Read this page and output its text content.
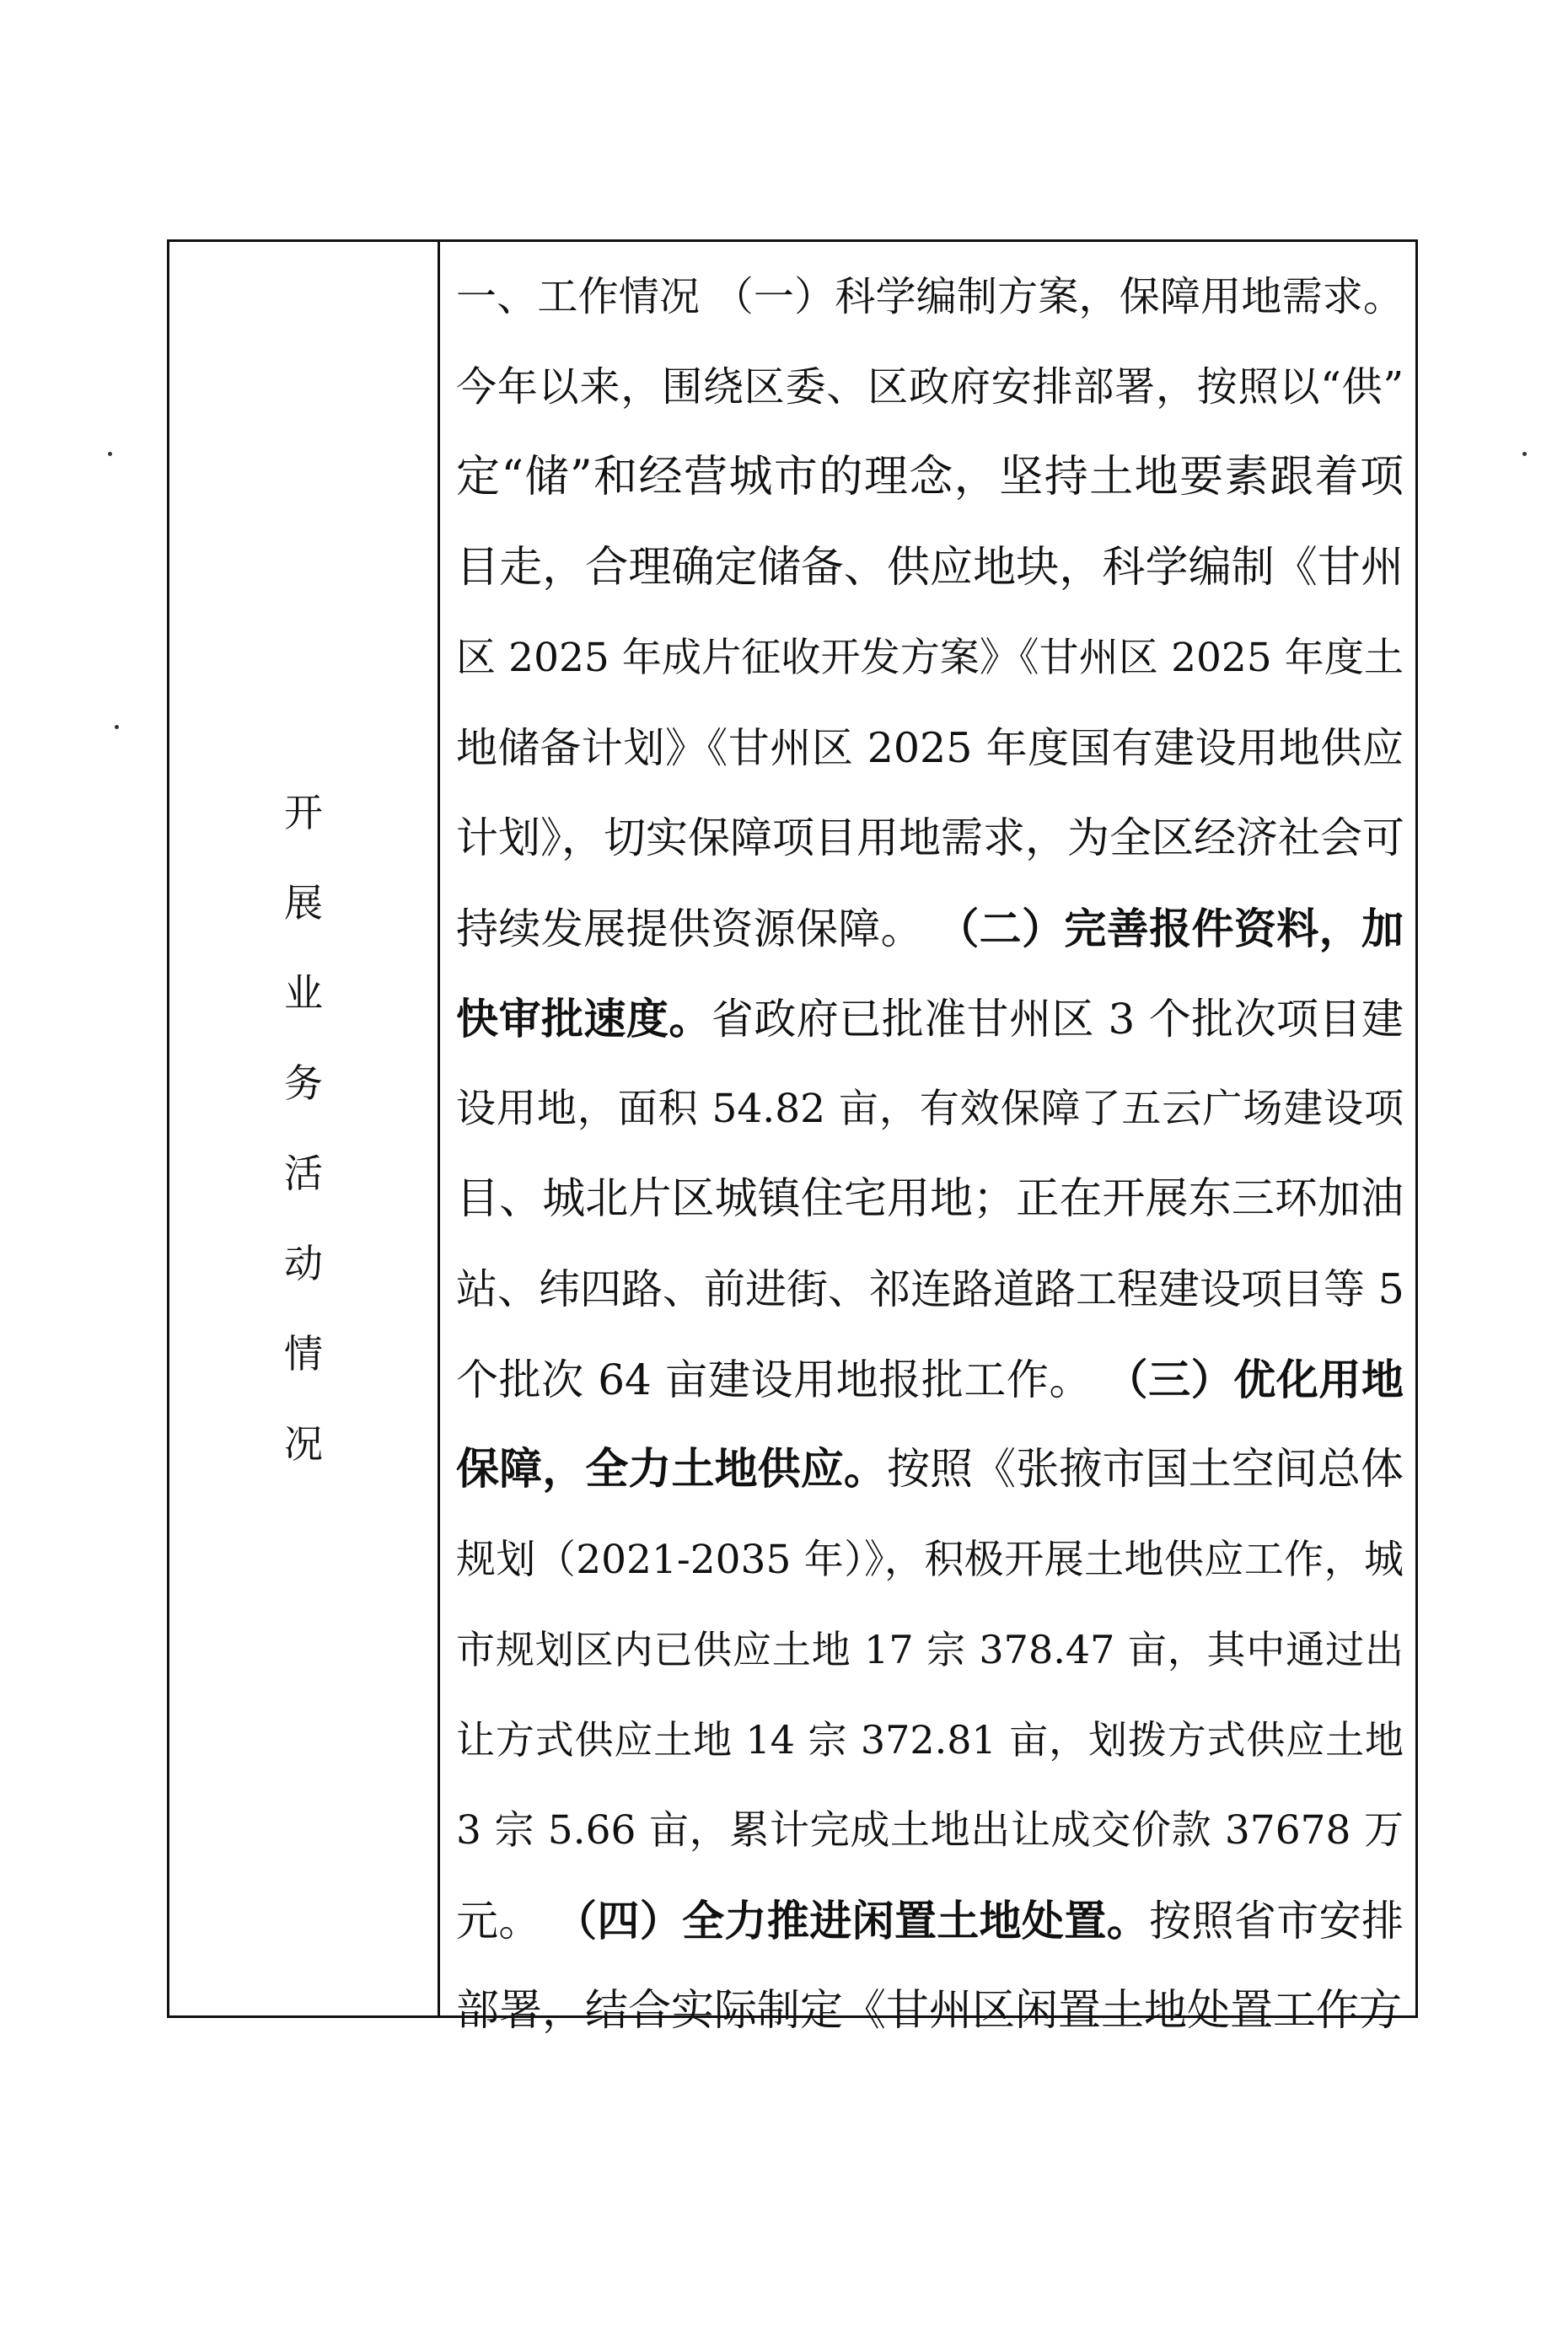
开
展
业
务
活
动
情
况
一、工作情况 （一）科学编制方案，保障用地需求。
今年以来，围绕区委、区政府安排部署，按照以“供”
定“储”和经营城市的理念，坚持土地要素跟着项
目走，合理确定储备、供应地块，科学编制《甘州
区 2025 年成片征收开发方案》《甘州区 2025 年度土
地储备计划》《甘州区 2025 年度国有建设用地供应
计划》，切实保障项目用地需求，为全区经济社会可
持续发展提供资源保障。 （二）完善报件资料，加
快审批速度。省政府已批准甘州区 3 个批次项目建
设用地，面积 54.82 亩，有效保障了五云广场建设项
目、城北片区城镇住宅用地；正在开展东三环加油
站、纬四路、前进街、祁连路道路工程建设项目等 5
个批次 64 亩建设用地报批工作。 （三）优化用地
保障，全力土地供应。按照《张掖市国土空间总体
规划（2021-2035 年）》，积极开展土地供应工作，城
市规划区内已供应土地 17 宗 378.47 亩，其中通过出
让方式供应土地 14 宗 372.81 亩，划拨方式供应土地
3 宗 5.66 亩，累计完成土地出让成交价款 37678 万
元。 （四）全力推进闲置土地处置。按照省市安排
部署，结合实际制定《甘州区闲置土地处置工作方
